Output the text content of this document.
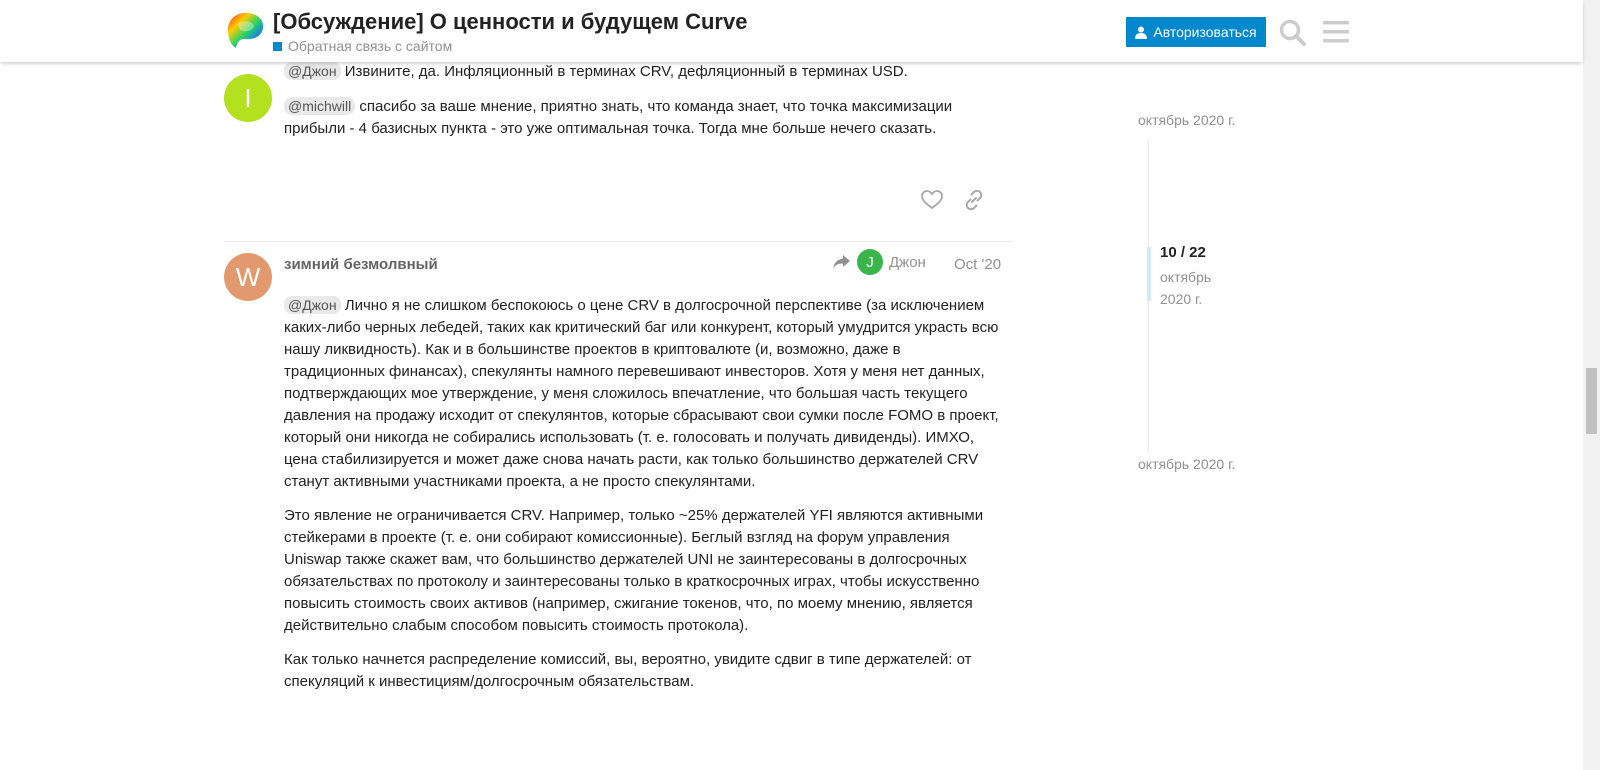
[Обсуждение] О ценности и будущем Curve
Обратная связь с сайтом
Авторизоваться
I

@Джон Извините, да. Инфляционный в терминах CRV, дефляционный в терминах USD.

@michwill спасибо за ваше мнение, приятно знать, что команда знает, что точка максимизации прибыли - 4 базисных пункта - это уже оптимальная точка. Тогда мне больше нечего сказать.

W	зимний безмолвный	J	Джон Oct '20

@Джон Лично я не слишком беспокоюсь о цене CRV в долгосрочной перспективе (за исключением каких-либо черных лебедей, таких как критический баг или конкурент, который умудрится украсть всю нашу ликвидность). Как и в большинстве проектов в криптовалюте (и, возможно, даже в традиционных финансах), спекулянты намного перевешивают инвесторов. Хотя у меня нет данных, подтверждающих мое утверждение, у меня сложилось впечатление, что большая часть текущего давления на продажу исходит от спекулянтов, которые сбрасывают свои сумки после FOMO в проект, который они никогда не собирались использовать (т. е. голосовать и получать дивиденды). ИМХО, цена стабилизируется и может даже снова начать расти, как только большинство держателей CRV станут активными участниками проекта, а не просто спекулянтами.

Это явление не ограничивается CRV. Например, только ~25% держателей YFI являются активными стейкерами в проекте (т. е. они собирают комиссионные). Беглый взгляд на форум управления Uniswap также скажет вам, что большинство держателей UNI не заинтересованы в долгосрочных обязательствах по протоколу и заинтересованы только в краткосрочных играх, чтобы искусственно повысить стоимость своих активов (например, сжигание токенов, что, по моему мнению, является действительно слабым способом повысить стоимость протокола).

Как только начнется распределение комиссий, вы, вероятно, увидите сдвиг в типе держателей: от спекуляций к инвестициям/долгосрочным обязательствам.

октябрь 2020 г.
10 / 22
октябрь
2020 г.
октябрь 2020 г.
